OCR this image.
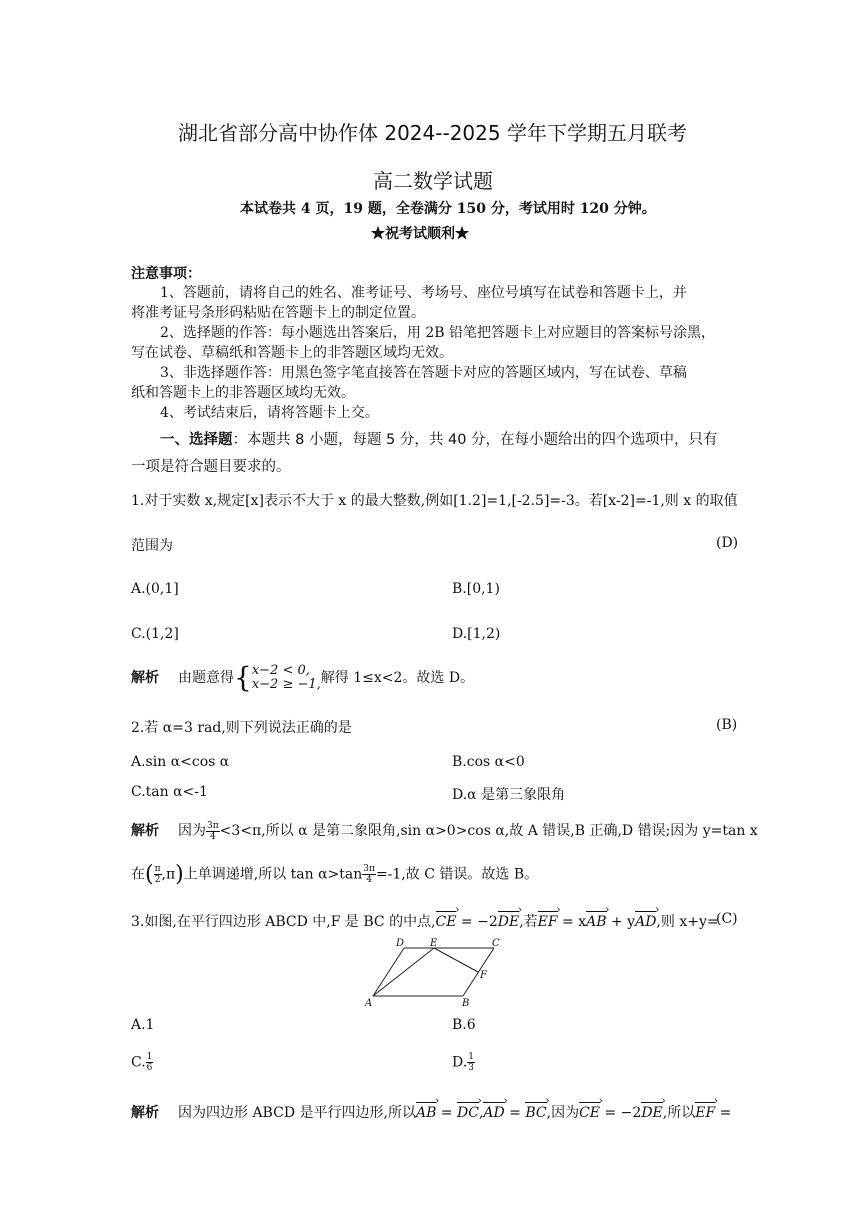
湖北省部分高中协作体 2024--2025 学年下学期五月联考
高二数学试题
本试卷共 4 页，19 题，全卷满分 150 分，考试用时 120 分钟。
★祝考试顺利★
注意事项：
1、答题前，请将自己的姓名、准考证号、考场号、座位号填写在试卷和答题卡上，并
将准考证号条形码粘贴在答题卡上的制定位置。
2、选择题的作答：每小题选出答案后，用 2B 铅笔把答题卡上对应题目的答案标号涂黑，
写在试卷、草稿纸和答题卡上的非答题区域均无效。
3、非选择题作答：用黑色签字笔直接答在答题卡对应的答题区域内，写在试卷、草稿
纸和答题卡上的非答题区域均无效。
4、考试结束后，请将答题卡上交。
一、选择题：本题共 8 小题，每题 5 分，共 40 分，在每小题给出的四个选项中，只有
一项是符合题目要求的。
1.对于实数 x,规定[x]表示不大于 x 的最大整数,例如[1.2]=1,[-2.5]=-3。若[x-2]=-1,则 x 的取值
范围为	(D)
A.(0,1]	B.[0,1)
C.(1,2]	D.[1,2)
解析 由题意得{ x−2 < 0,
x−2 ≥ −1, 解得 1≤x<2。故选 D。
2.若 α=3 rad,则下列说法正确的是	(B)
A.sin α<cos α	B.cos α<0
C.tan α<-1	D.α 是第三象限角
解析 因为 $\frac{3\pi}{4} <3<\pi$,所以 α 是第二象限角,sin α>0>cos α,故 A 错误,B 正确,D 错误;因为 y=tan x
在( $\frac{\pi}{2} ,\pi$)上单调递增,所以 $\tan \alpha>\tan \frac{3\pi}{4} =-1$,故 C 错误。故选 B。
3.如图,在平行四边形 ABCD 中,F 是 BC 的中点,CE › = −2DE ›,若EF › = xAB › + yAD ›,则 x+y=
(C)
D	E	C
F
A	B
A.1	B.6
C. $\frac{1}{6}$	D. $\frac{1}{3}$
解析 因为四边形 ABCD 是平行四边形,所以AB › = DC ›,AD › = BC ›,因为CE › = −2DE ›,所以EF › =
